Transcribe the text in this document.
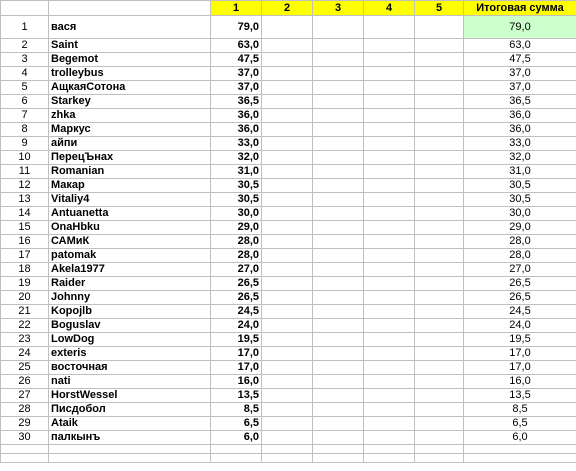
		1	2	3	4	5	Итоговая сумма
1	вася	79,0					79,0
2	Saint	63,0					63,0
3	Begemot	47,5					47,5
4	trolleybus	37,0					37,0
5	АщкаяСотона	37,0					37,0
6	Starkey	36,5					36,5
7	zhka	36,0					36,0
8	Маркус	36,0					36,0
9	айпи	33,0					33,0
10	ПерецЪнах	32,0					32,0
11	Romanian	31,0					31,0
12	Макар	30,5					30,5
13	Vitaliy4	30,5					30,5
14	Antuanetta	30,0					30,0
15	OnaHbku	29,0					29,0
16	САМиК	28,0					28,0
17	patomak	28,0					28,0
18	Akela1977	27,0					27,0
19	Raider	26,5					26,5
20	Johnny	26,5					26,5
21	Kopojlb	24,5					24,5
22	Boguslav	24,0					24,0
23	LowDog	19,5					19,5
24	exteris	17,0					17,0
25	восточная	17,0					17,0
26	nati	16,0					16,0
27	HorstWessel	13,5					13,5
28	Писдобол	8,5					8,5
29	Ataik	6,5					6,5
30	палкынъ	6,0					6,0
